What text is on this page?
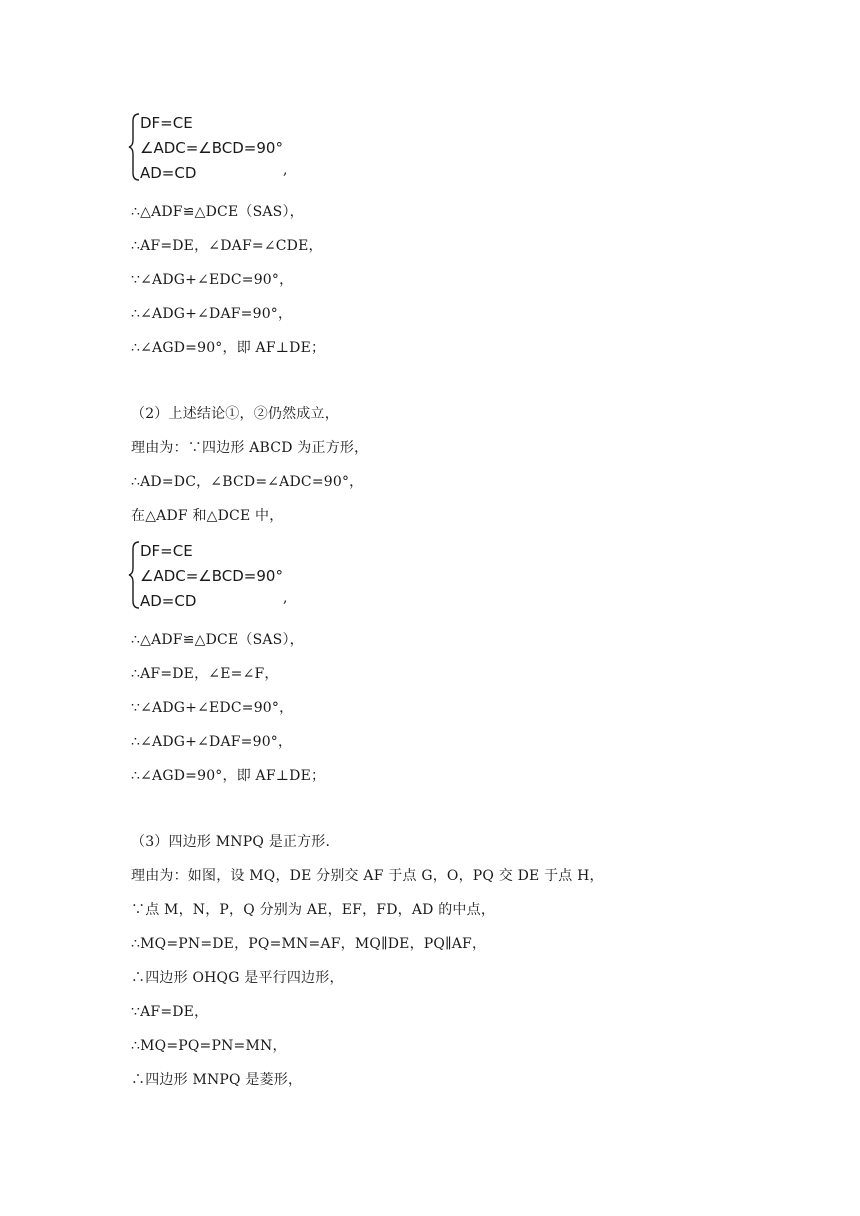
DF=CE
∠ADC=∠BCD=90°
AD=CD	,
∴△ADF≌△DCE（SAS），
∴AF=DE，∠DAF=∠CDE，
∵∠ADG+∠EDC=90°，
∴∠ADG+∠DAF=90°，
∴∠AGD=90°，即 AF⊥DE；
（2）上述结论①，②仍然成立，
理由为：∵四边形 ABCD 为正方形，
∴AD=DC，∠BCD=∠ADC=90°，
在△ADF 和△DCE 中，
DF=CE
∠ADC=∠BCD=90°
AD=CD	,
∴△ADF≌△DCE（SAS），
∴AF=DE，∠E=∠F，
∵∠ADG+∠EDC=90°，
∴∠ADG+∠DAF=90°，
∴∠AGD=90°，即 AF⊥DE；
（3）四边形 MNPQ 是正方形.
理由为：如图，设 MQ，DE 分别交 AF 于点 G，O，PQ 交 DE 于点 H，
∵点 M，N，P，Q 分别为 AE，EF，FD，AD 的中点，
∴MQ=PN=DE，PQ=MN=AF，MQ∥DE，PQ∥AF，
∴四边形 OHQG 是平行四边形，
∵AF=DE，
∴MQ=PQ=PN=MN，
∴四边形 MNPQ 是菱形，
